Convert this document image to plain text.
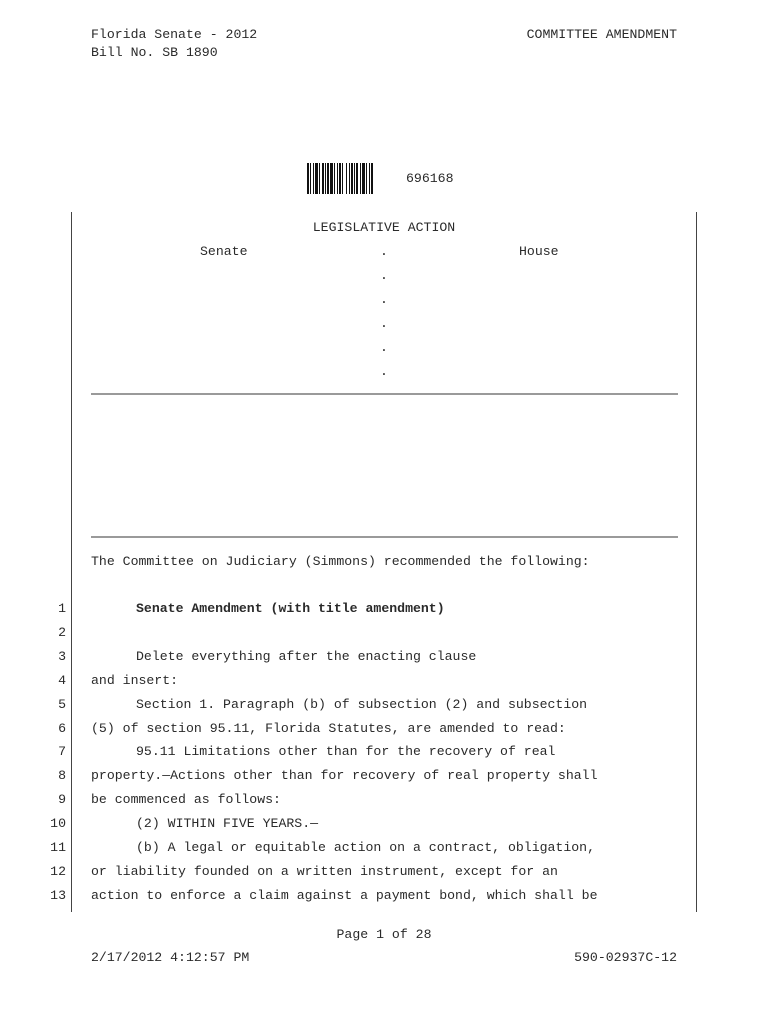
Florida Senate - 2012
Bill No. SB 1890
COMMITTEE AMENDMENT
696168
LEGISLATIVE ACTION
Senate	House
.
.
.
.
.
.
The Committee on Judiciary (Simmons) recommended the following:
1	Senate Amendment (with title amendment)
2
3	Delete everything after the enacting clause
4 and insert:
5	Section 1. Paragraph (b) of subsection (2) and subsection
6 (5) of section 95.11, Florida Statutes, are amended to read:
7	95.11 Limitations other than for the recovery of real
8 property.—Actions other than for recovery of real property shall
9 be commenced as follows:
10	(2) WITHIN FIVE YEARS.—
11	(b) A legal or equitable action on a contract, obligation,
12 or liability founded on a written instrument, except for an
13 action to enforce a claim against a payment bond, which shall be
Page 1 of 28
2/17/2012 4:12:57 PM	590-02937C-12
